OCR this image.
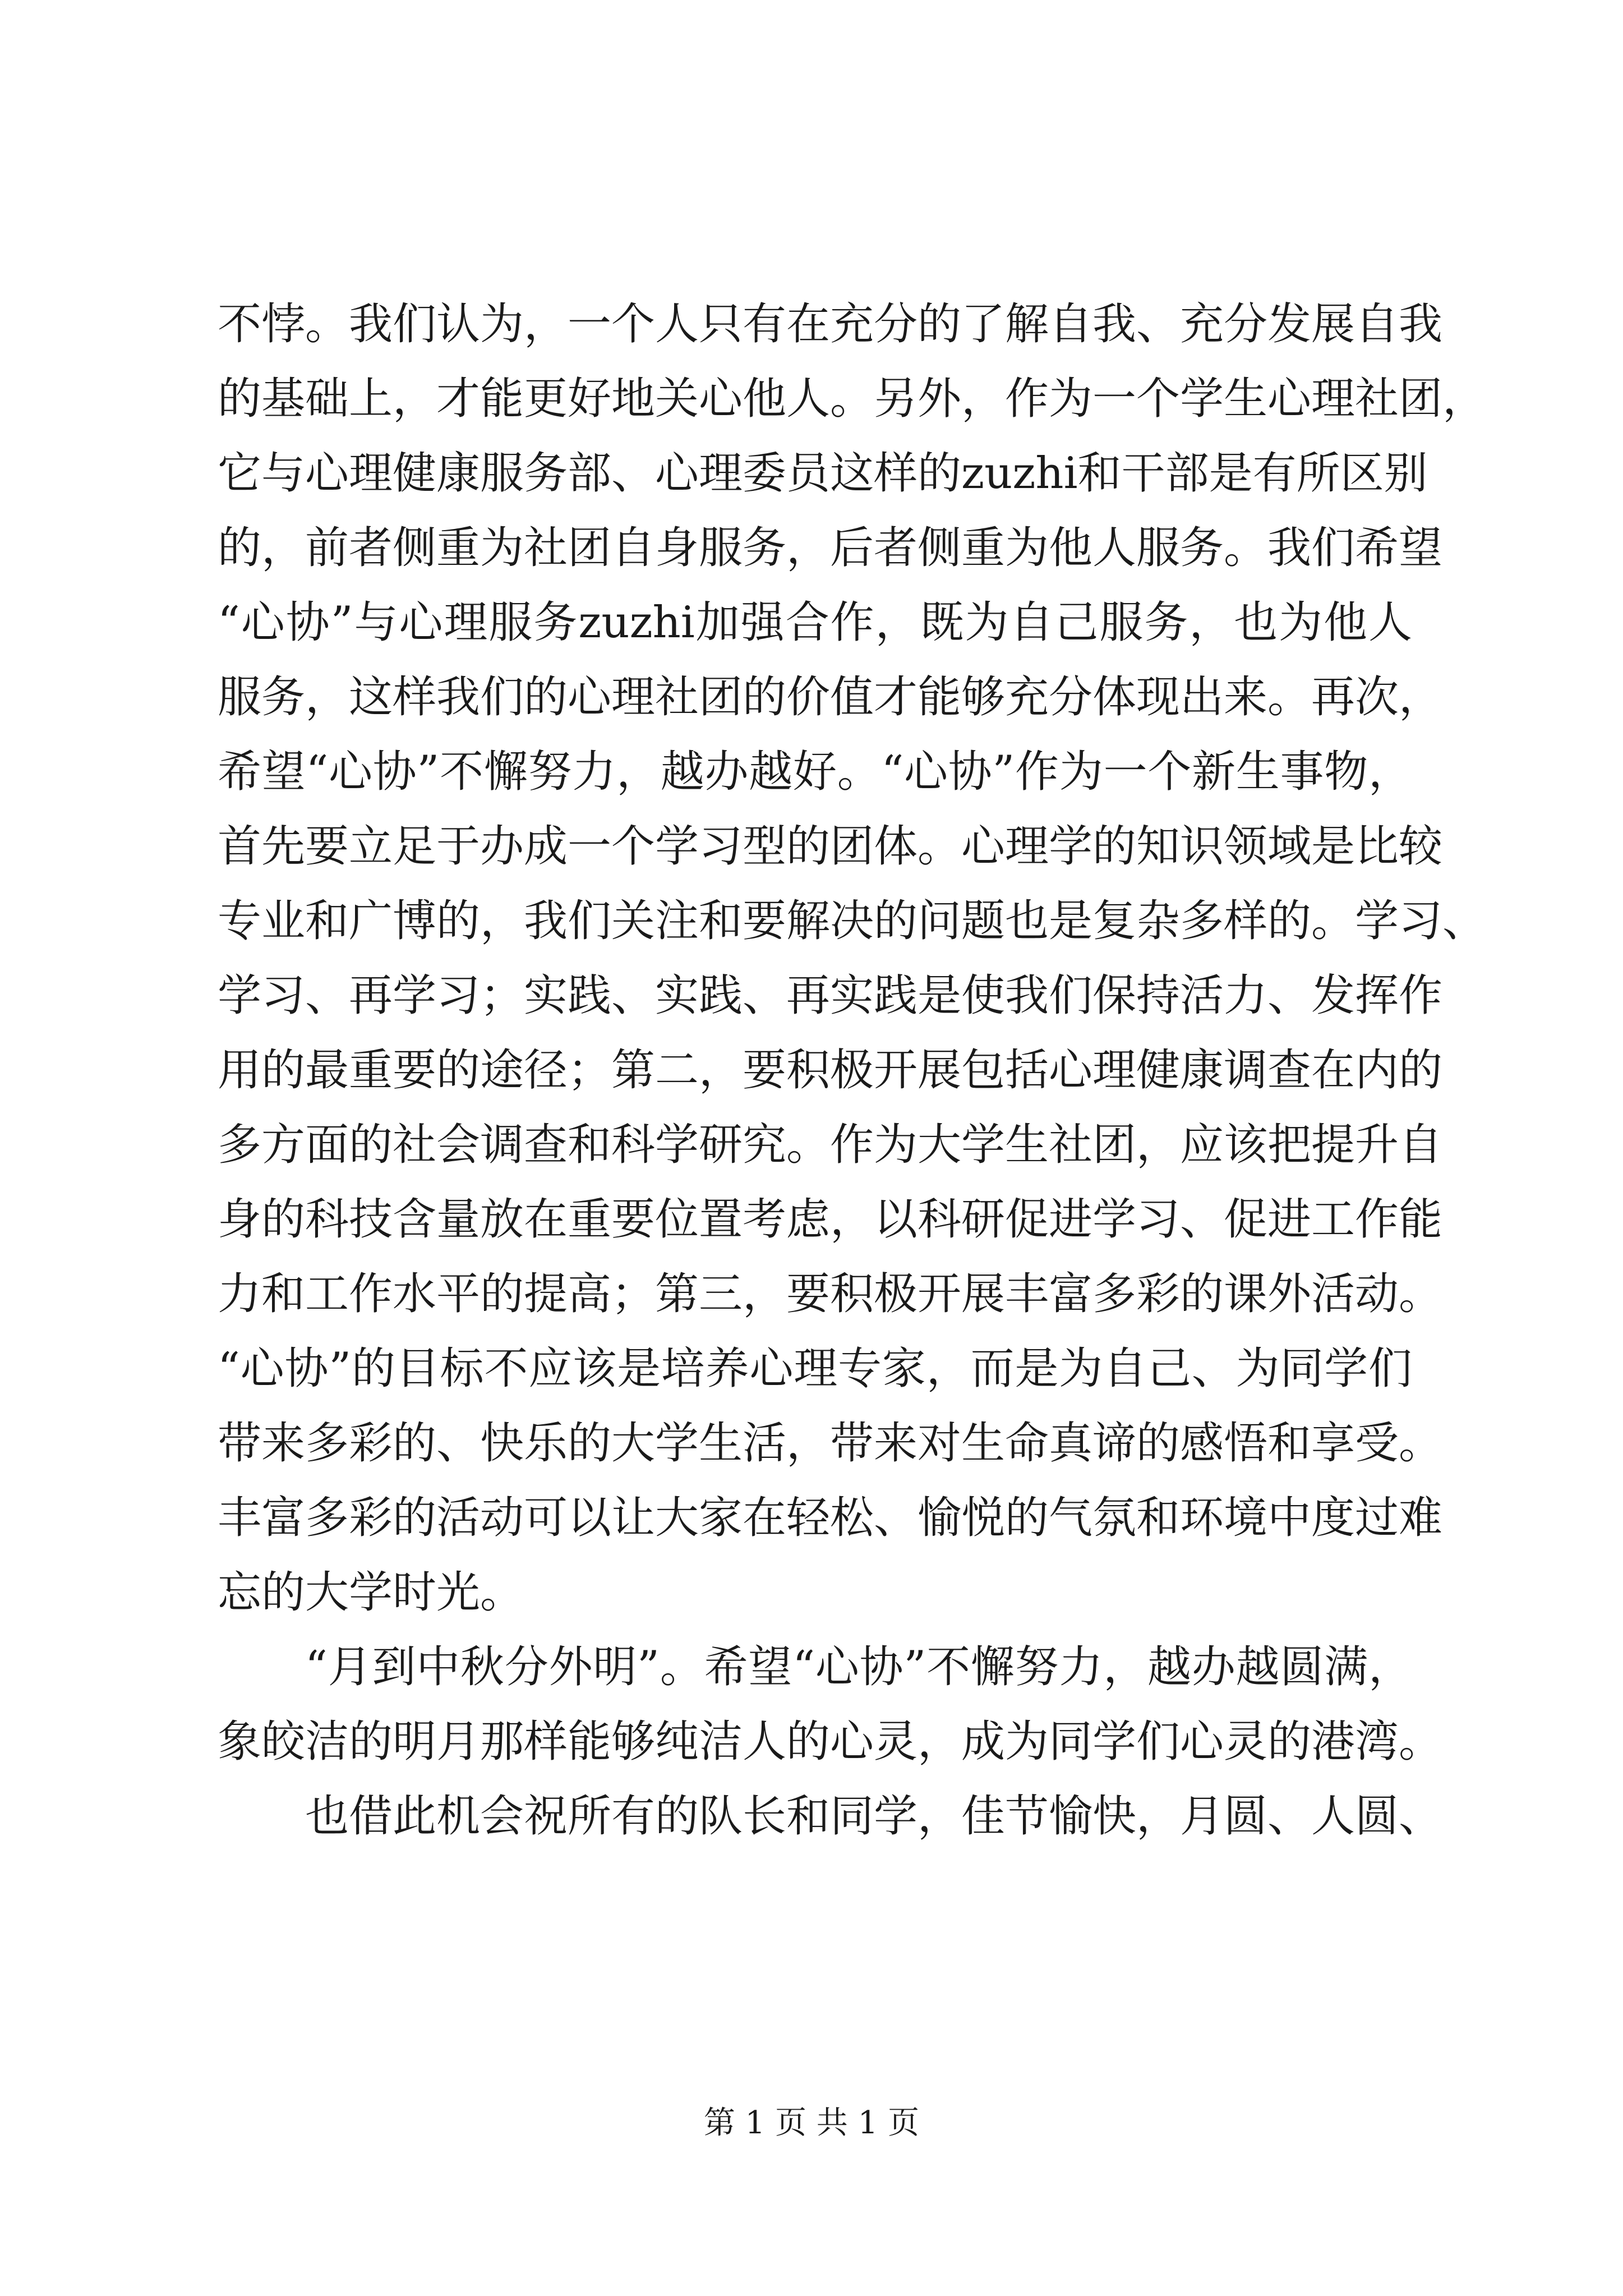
不悖。我们认为，一个人只有在充分的了解自我、充分发展自我
的基础上，才能更好地关心他人。另外，作为一个学生心理社团，
它与心理健康服务部、心理委员这样的zuzhi和干部是有所区别
的，前者侧重为社团自身服务，后者侧重为他人服务。我们希望
“心协”与心理服务zuzhi加强合作，既为自己服务，也为他人
服务，这样我们的心理社团的价值才能够充分体现出来。再次，
希望“心协”不懈努力，越办越好。“心协”作为一个新生事物，
首先要立足于办成一个学习型的团体。心理学的知识领域是比较
专业和广博的，我们关注和要解决的问题也是复杂多样的。学习、
学习、再学习；实践、实践、再实践是使我们保持活力、发挥作
用的最重要的途径；第二，要积极开展包括心理健康调查在内的
多方面的社会调查和科学研究。作为大学生社团，应该把提升自
身的科技含量放在重要位置考虑，以科研促进学习、促进工作能
力和工作水平的提高；第三，要积极开展丰富多彩的课外活动。
“心协”的目标不应该是培养心理专家，而是为自己、为同学们
带来多彩的、快乐的大学生活，带来对生命真谛的感悟和享受。
丰富多彩的活动可以让大家在轻松、愉悦的气氛和环境中度过难
忘的大学时光。
“月到中秋分外明”。希望“心协”不懈努力，越办越圆满，
象皎洁的明月那样能够纯洁人的心灵，成为同学们心灵的港湾。
也借此机会祝所有的队长和同学，佳节愉快，月圆、人圆、
第 1 页 共 1 页
